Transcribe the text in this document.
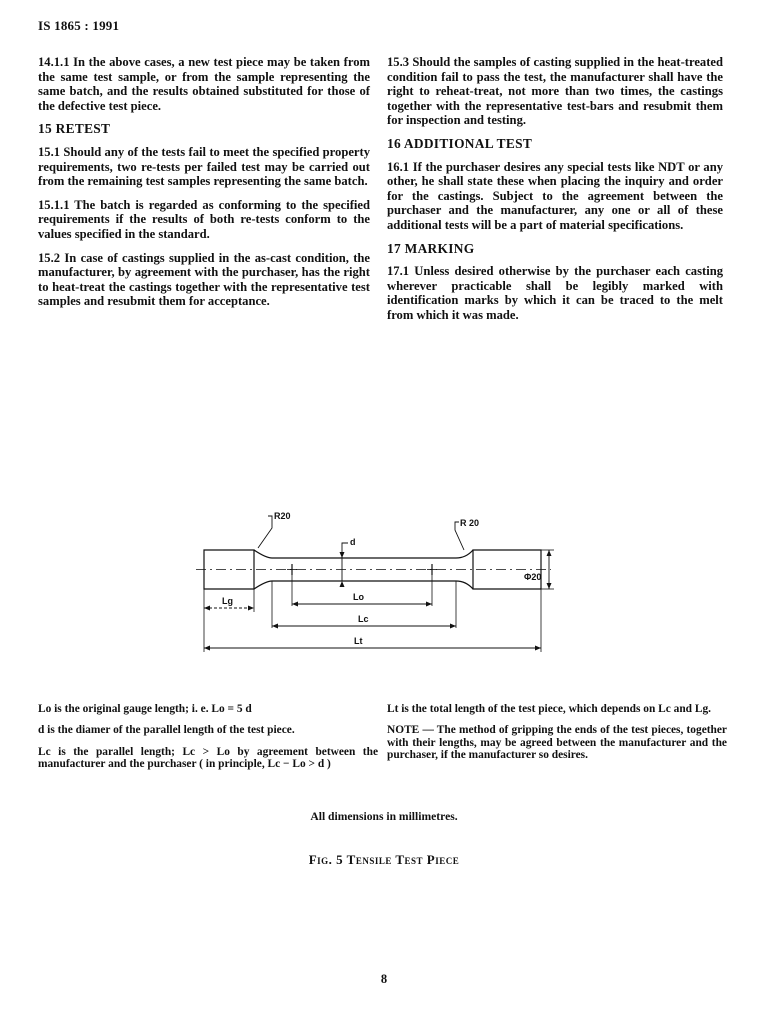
IS 1865 : 1991

14.1.1 In the above cases, a new test piece may be taken from the same test sample, or from the sample representing the same batch, and the results obtained substituted for those of the defective test piece.

15 RETEST

15.1 Should any of the tests fail to meet the specified property requirements, two re-tests per failed test may be carried out from the remaining test samples representing the same batch.

15.1.1 The batch is regarded as conforming to the specified requirements if the results of both re-tests conform to the values specified in the standard.

15.2 In case of castings supplied in the as-cast condition, the manufacturer, by agreement with the purchaser, has the right to heat-treat the castings together with the representative test samples and resubmit them for acceptance.

15.3 Should the samples of casting supplied in the heat-treated condition fail to pass the test, the manufacturer shall have the right to reheat-treat, not more than two times, the castings together with the representative test-bars and resubmit them for inspection and testing.

16 ADDITIONAL TEST

16.1 If the purchaser desires any special tests like NDT or any other, he shall state these when placing the inquiry and order for the castings. Subject to the agreement between the purchaser and the manufacturer, any one or all of these additional tests will be a part of material specifications.

17 MARKING

17.1 Unless desired otherwise by the purchaser each casting wherever practicable shall be legibly marked with identification marks by which it can be traced to the melt from which it was made.

R20
R 20
d
Φ20
Lg	Lo
Lc
Lt
Lo is the original gauge length; i. e. Lo = 5 d
d is the diamer of the parallel length of the test piece.
Lc is the parallel length; Lc > Lo by agreement between the manufacturer and the purchaser ( in principle, Lc − Lo > d )
Lt is the total length of the test piece, which depends on Lc and Lg.
NOTE — The method of gripping the ends of the test pieces, together with their lengths, may be agreed between the manufacturer and the purchaser, if the manufacturer so desires.
All dimensions in millimetres.
Fig. 5 Tensile Test Piece
8
